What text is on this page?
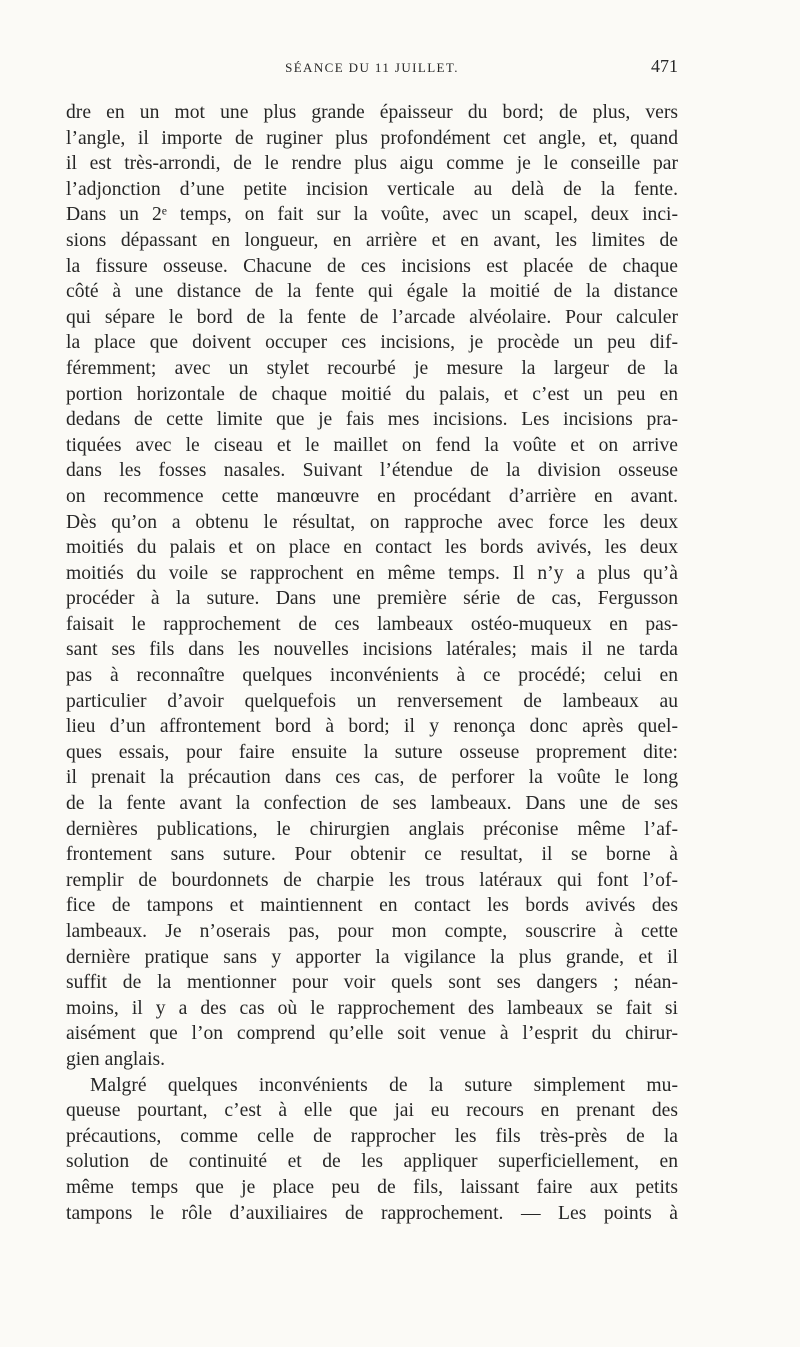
SÉANCE DU 11 JUILLET.	471
dre en un mot une plus grande épaisseur du bord; de plus, vers
l’angle, il importe de ruginer plus profondément cet angle, et, quand
il est très-arrondi, de le rendre plus aigu comme je le conseille par
l’adjonction d’une petite incision verticale au delà de la fente.
Dans un 2ᵉ temps, on fait sur la voûte, avec un scapel, deux inci-
sions dépassant en longueur, en arrière et en avant, les limites de
la fissure osseuse. Chacune de ces incisions est placée de chaque
côté à une distance de la fente qui égale la moitié de la distance
qui sépare le bord de la fente de l’arcade alvéolaire. Pour calculer
la place que doivent occuper ces incisions, je procède un peu dif-
féremment; avec un stylet recourbé je mesure la largeur de la
portion horizontale de chaque moitié du palais, et c’est un peu en
dedans de cette limite que je fais mes incisions. Les incisions pra-
tiquées avec le ciseau et le maillet on fend la voûte et on arrive
dans les fosses nasales. Suivant l’étendue de la division osseuse
on recommence cette manœuvre en procédant d’arrière en avant.
Dès qu’on a obtenu le résultat, on rapproche avec force les deux
moitiés du palais et on place en contact les bords avivés, les deux
moitiés du voile se rapprochent en même temps. Il n’y a plus qu’à
procéder à la suture. Dans une première série de cas, Fergusson
faisait le rapprochement de ces lambeaux ostéo-muqueux en pas-
sant ses fils dans les nouvelles incisions latérales; mais il ne tarda
pas à reconnaître quelques inconvénients à ce procédé; celui en
particulier d’avoir quelquefois un renversement de lambeaux au
lieu d’un affrontement bord à bord; il y renonça donc après quel-
ques essais, pour faire ensuite la suture osseuse proprement dite:
il prenait la précaution dans ces cas, de perforer la voûte le long
de la fente avant la confection de ses lambeaux. Dans une de ses
dernières publications, le chirurgien anglais préconise même l’af-
frontement sans suture. Pour obtenir ce resultat, il se borne à
remplir de bourdonnets de charpie les trous latéraux qui font l’of-
fice de tampons et maintiennent en contact les bords avivés des
lambeaux. Je n’oserais pas, pour mon compte, souscrire à cette
dernière pratique sans y apporter la vigilance la plus grande, et il
suffit de la mentionner pour voir quels sont ses dangers ; néan-
moins, il y a des cas où le rapprochement des lambeaux se fait si
aisément que l’on comprend qu’elle soit venue à l’esprit du chirur-
gien anglais.
Malgré quelques inconvénients de la suture simplement mu-
queuse pourtant, c’est à elle que jai eu recours en prenant des
précautions, comme celle de rapprocher les fils très-près de la
solution de continuité et de les appliquer superficiellement, en
même temps que je place peu de fils, laissant faire aux petits
tampons le rôle d’auxiliaires de rapprochement. — Les points à
